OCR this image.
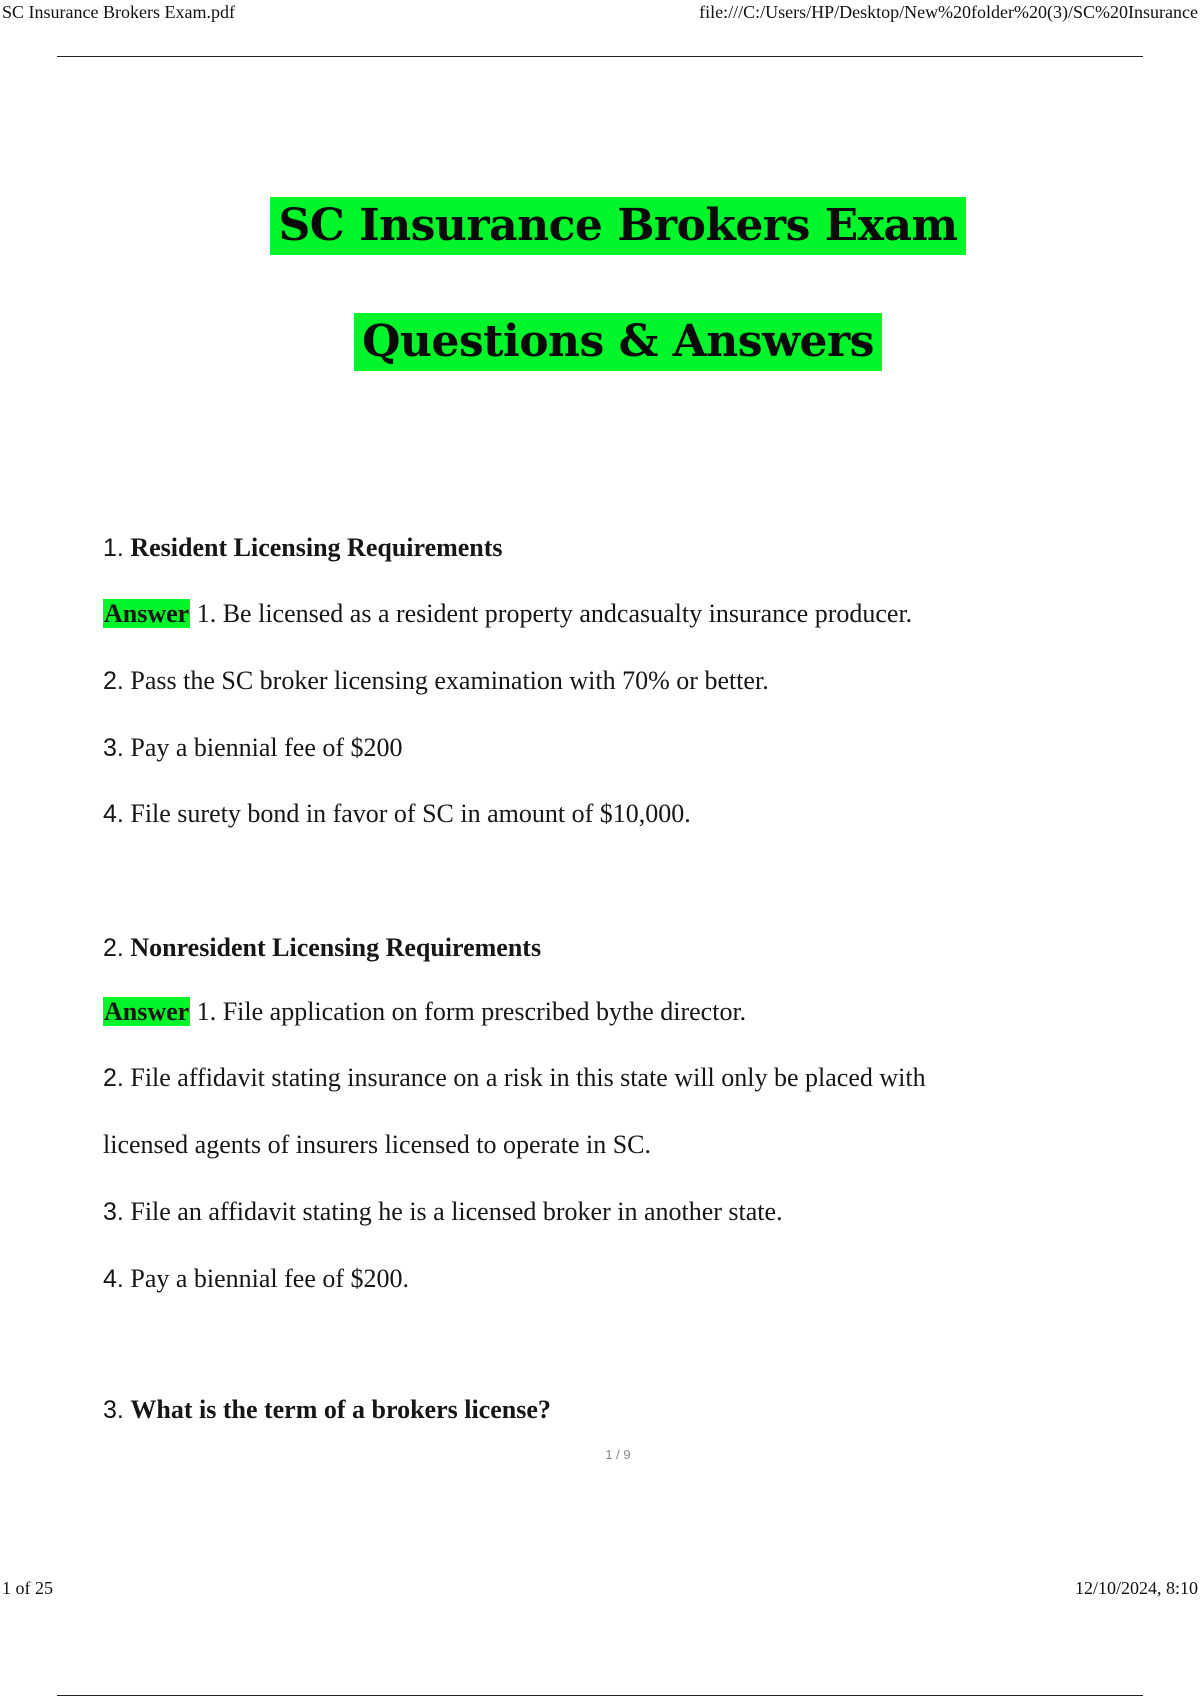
SC Insurance Brokers Exam.pdf	file:///C:/Users/HP/Desktop/New%20folder%20(3)/SC%20Insurance
SC Insurance Brokers Exam
Questions & Answers
1. Resident Licensing Requirements
Answer 1. Be licensed as a resident property andcasualty insurance producer.
2. Pass the SC broker licensing examination with 70% or better.
3. Pay a biennial fee of $200
4. File surety bond in favor of SC in amount of $10,000.
2. Nonresident Licensing Requirements
Answer 1. File application on form prescribed bythe director.
2. File affidavit stating insurance on a risk in this state will only be placed with
licensed agents of insurers licensed to operate in SC.
3. File an affidavit stating he is a licensed broker in another state.
4. Pay a biennial fee of $200.
3. What is the term of a brokers license?
1 / 9
1 of 25	12/10/2024, 8:10
